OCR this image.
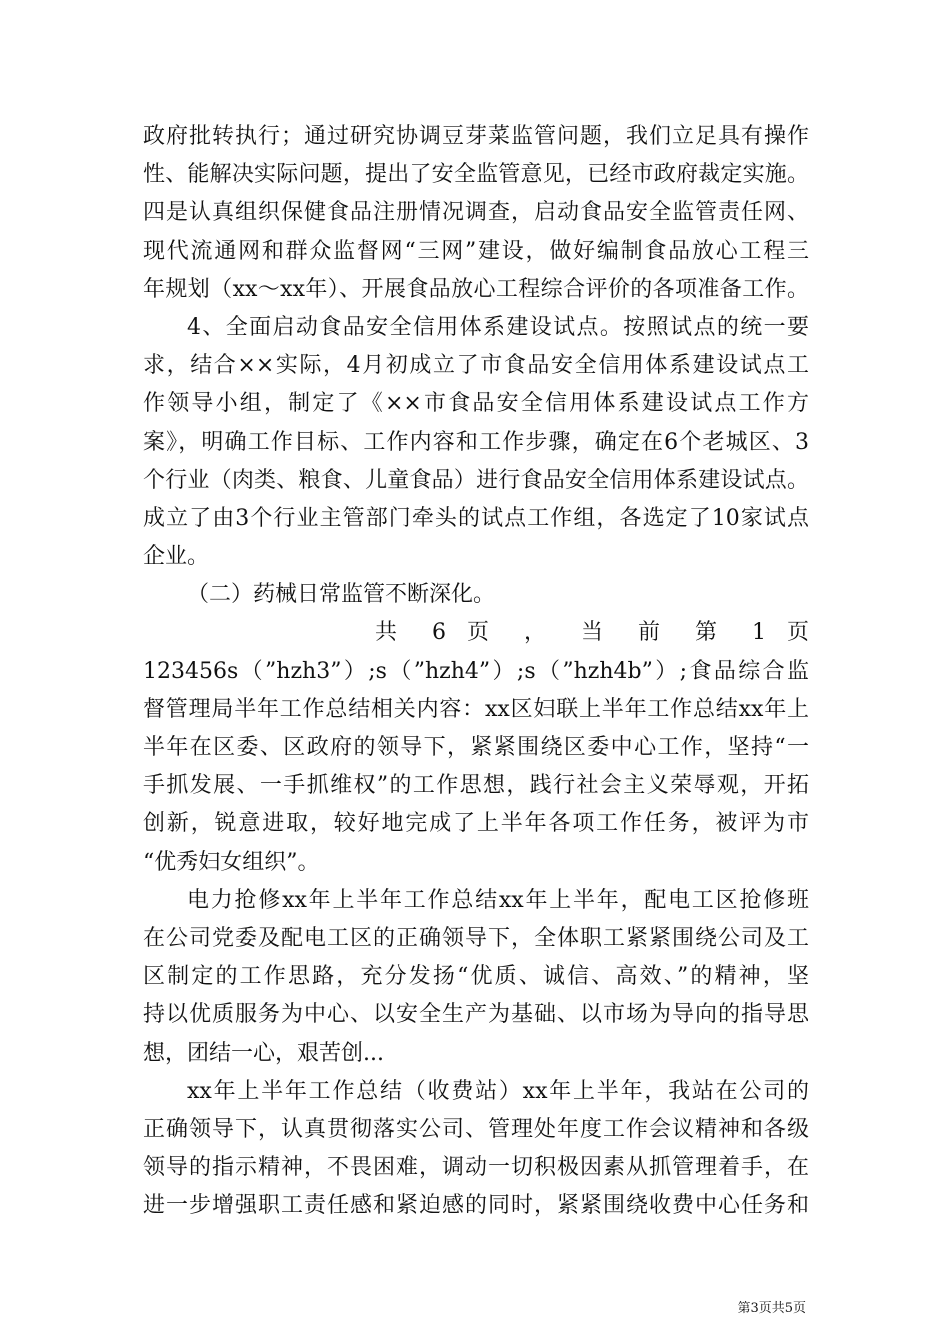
政府批转执行；通过研究协调豆芽菜监管问题，我们立足具有操作
性、能解决实际问题，提出了安全监管意见，已经市政府裁定实施。
四是认真组织保健食品注册情况调查，启动食品安全监管责任网、
现代流通网和群众监督网“三网”建设，做好编制食品放心工程三
年规划（xx～xx年）、开展食品放心工程综合评价的各项准备工作。
4、全面启动食品安全信用体系建设试点。按照试点的统一要
求，结合××实际，4月初成立了市食品安全信用体系建设试点工
作领导小组，制定了《××市食品安全信用体系建设试点工作方
案》，明确工作目标、工作内容和工作步骤，确定在6个老城区、3
个行业（肉类、粮食、儿童食品）进行食品安全信用体系建设试点。
成立了由3个行业主管部门牵头的试点工作组，各选定了10家试点
企业。
（二）药械日常监管不断深化。
共 6 页 ， 当 前 第 1 页
123456s（”hzh3”）;s（”hzh4”）;s（”hzh4b”）;食品综合监
督管理局半年工作总结相关内容：xx区妇联上半年工作总结xx年上
半年在区委、区政府的领导下，紧紧围绕区委中心工作，坚持“一
手抓发展、一手抓维权”的工作思想，践行社会主义荣辱观，开拓
创新，锐意进取，较好地完成了上半年各项工作任务，被评为市
“优秀妇女组织”。
电力抢修xx年上半年工作总结xx年上半年，配电工区抢修班
在公司党委及配电工区的正确领导下，全体职工紧紧围绕公司及工
区制定的工作思路，充分发扬“优质、诚信、高效、”的精神，坚
持以优质服务为中心、以安全生产为基础、以市场为导向的指导思
想，团结一心，艰苦创...
xx年上半年工作总结（收费站）xx年上半年，我站在公司的
正确领导下，认真贯彻落实公司、管理处年度工作会议精神和各级
领导的指示精神，不畏困难，调动一切积极因素从抓管理着手，在
进一步增强职工责任感和紧迫感的同时，紧紧围绕收费中心任务和
第3页共5页
